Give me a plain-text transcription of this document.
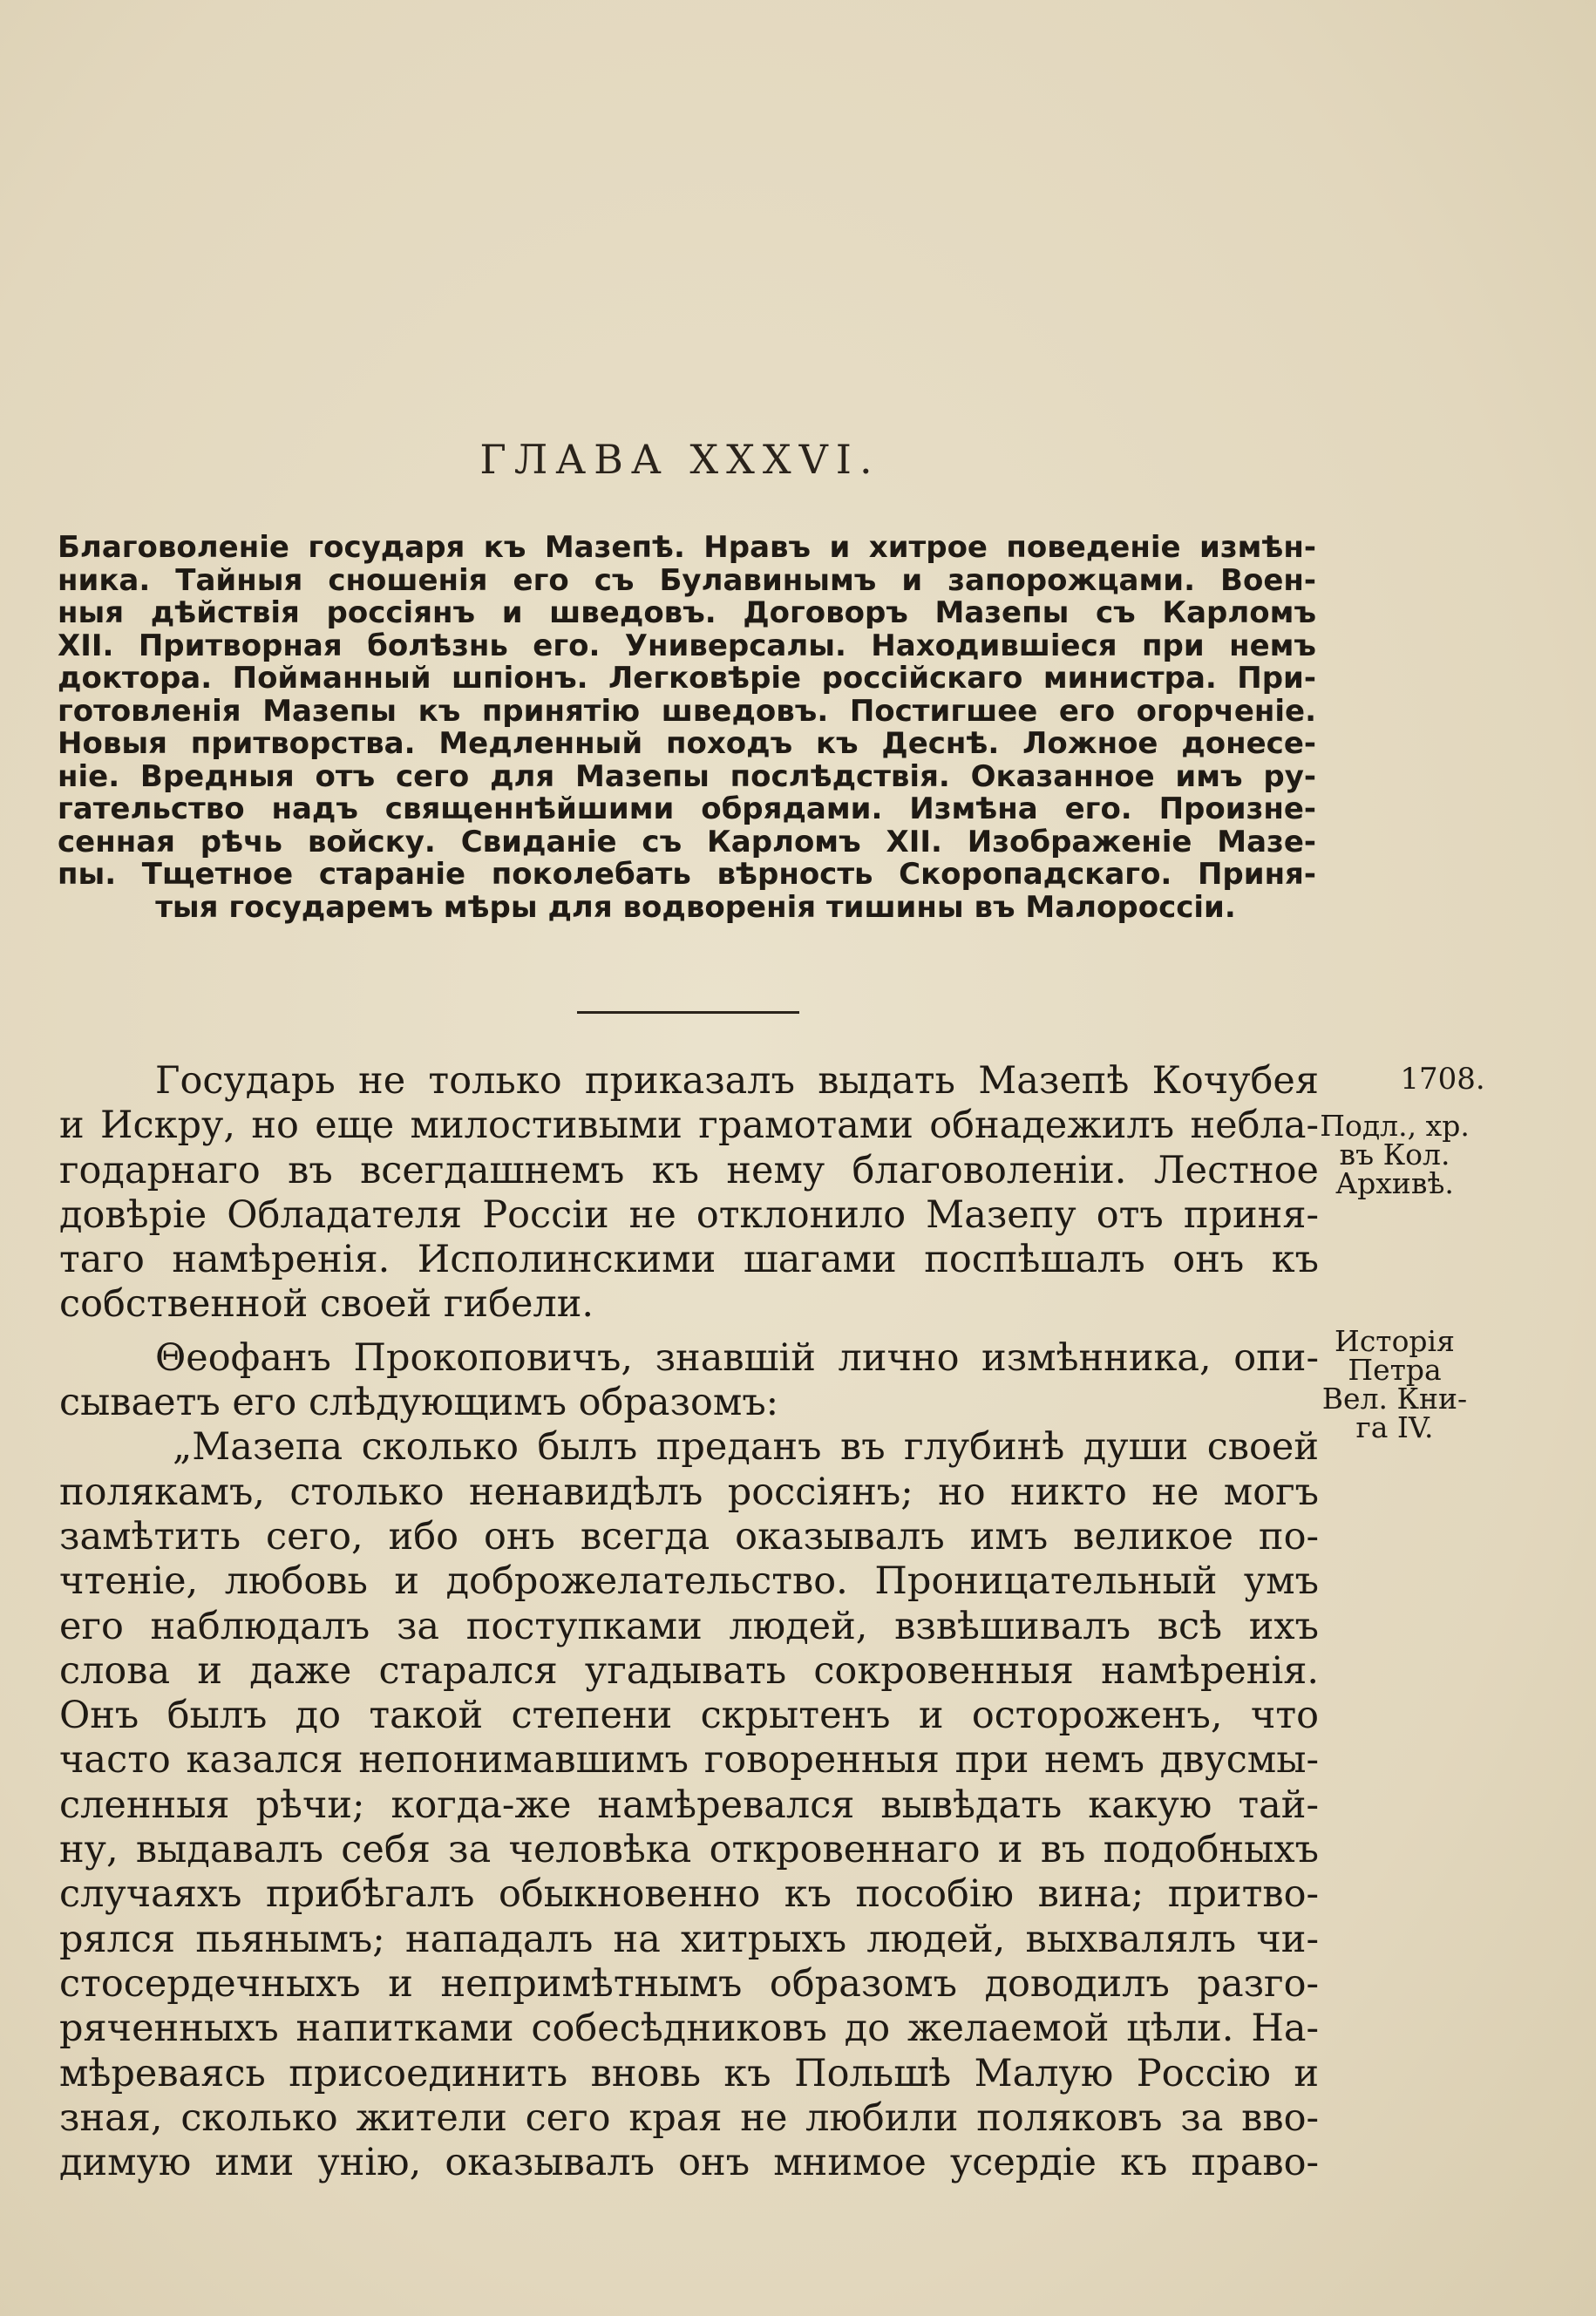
ГЛАВА XXXVI.
Благоволенiе государя къ Мазепѣ. Нравъ и хитрое поведенiе измѣн-
ника. Тайныя сношенiя его съ Булавинымъ и запорожцами. Воен-
ныя дѣйствiя россiянъ и шведовъ. Договоръ Мазепы съ Карломъ
XII. Притворная болѣзнь его. Универсалы. Находившiеся при немъ
доктора. Пойманный шпiонъ. Легковѣрiе россiйскаго министра. При-
готовленiя Мазепы къ принятiю шведовъ. Постигшее его огорченiе.
Новыя притворства. Медленный походъ къ Деснѣ. Ложное донесе-
нiе. Вредныя отъ сего для Мазепы послѣдствiя. Оказанное имъ ру-
гательство надъ священнѣйшими обрядами. Измѣна его. Произне-
сенная рѣчь войску. Свиданiе съ Карломъ XII. Изображенiе Мазе-
пы. Тщетное старанiе поколебать вѣрность Скоропадскаго. Приня-
тыя государемъ мѣры для водворенiя тишины въ Малороссiи.
Государь не только приказалъ выдать Мазепѣ Кочубея
и Искру, но еще милостивыми грамотами обнадежилъ небла-
годарнаго въ всегдашнемъ къ нему благоволенiи. Лестное
довѣрiе Обладателя Россiи не отклонило Мазепу отъ приня-
таго намѣренiя. Исполинскими шагами поспѣшалъ онъ къ
собственной своей гибели.
Θеофанъ Прокоповичъ, знавшiй лично измѣнника, опи-
сываетъ его слѣдующимъ образомъ:
„Мазепа сколько былъ преданъ въ глубинѣ души своей
полякамъ, столько ненавидѣлъ россiянъ; но никто не могъ
замѣтить сего, ибо онъ всегда оказывалъ имъ великое по-
чтенiе, любовь и доброжелательство. Проницательный умъ
его наблюдалъ за поступками людей, взвѣшивалъ всѣ ихъ
слова и даже старался угадывать сокровенныя намѣренiя.
Онъ былъ до такой степени скрытенъ и остороженъ, что
часто казался непонимавшимъ говоренныя при немъ двусмы-
сленныя рѣчи; когда-же намѣревался вывѣдать какую тай-
ну, выдавалъ себя за человѣка откровеннаго и въ подобныхъ
случаяхъ прибѣгалъ обыкновенно къ пособiю вина; притво-
рялся пьянымъ; нападалъ на хитрыхъ людей, выхвалялъ чи-
стосердечныхъ и непримѣтнымъ образомъ доводилъ разго-
ряченныхъ напитками собесѣдниковъ до желаемой цѣли. На-
мѣреваясь присоединить вновь къ Польшѣ Малую Россiю и
зная, сколько жители сего края не любили поляковъ за вво-
димую ими унiю, оказывалъ онъ мнимое усердiе къ право-
1708.
Подл., хр.
въ Кол.
Архивѣ.
Исторiя
Петра
Вел. Кни-
га IV.
